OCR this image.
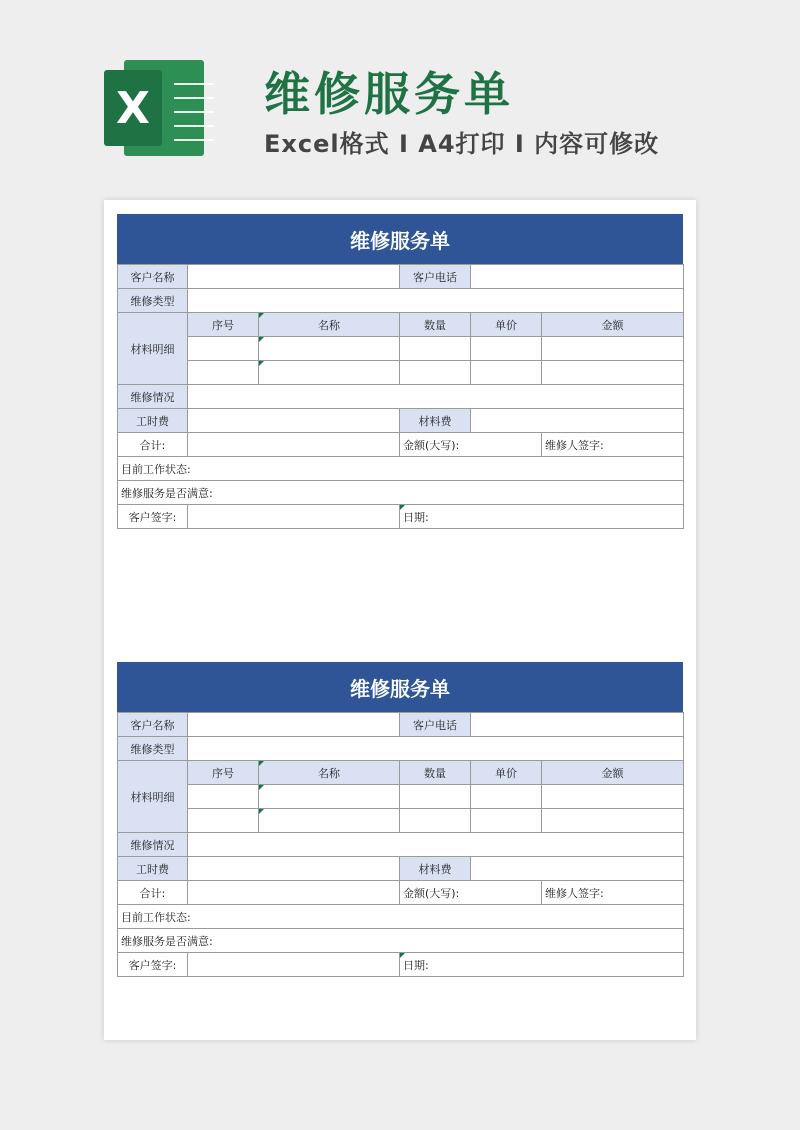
X 维修服务单
Excel格式 I A4打印 I 内容可修改
维修服务单
客户名称			客户电话		
维修类型					
材料明细	序号	名称	数量	单价	金额

维修情况					
工时费			材料费		
合计:			金额(大写):		维修人签字:
目前工作状态:					
维修服务是否满意:					
客户签字:			日期:		
维修服务单
客户名称			客户电话		
维修类型					
材料明细	序号	名称	数量	单价	金额

维修情况					
工时费			材料费		
合计:			金额(大写):		维修人签字:
目前工作状态:					
维修服务是否满意:					
客户签字:			日期:		
